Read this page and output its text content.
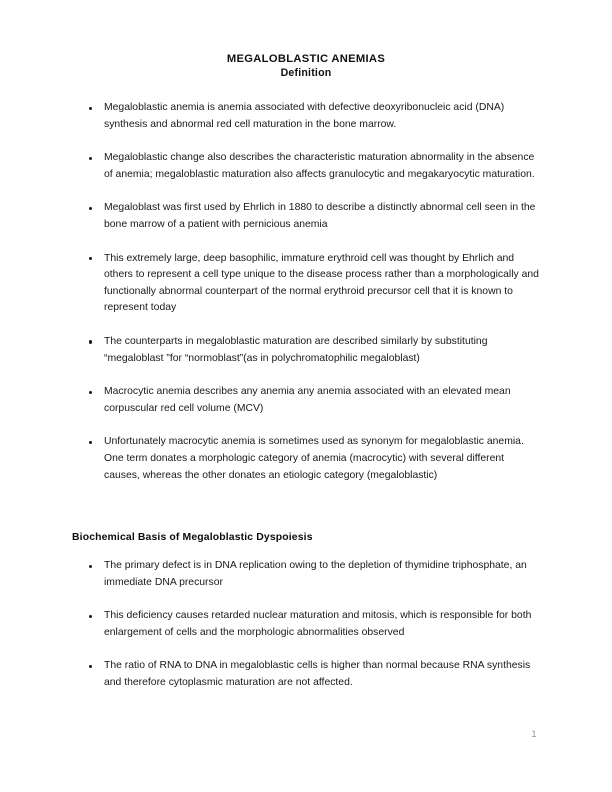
MEGALOBLASTIC ANEMIAS
Definition
Megaloblastic anemia is anemia associated with defective deoxyribonucleic acid (DNA) synthesis and abnormal red cell maturation in the bone marrow.
Megaloblastic change also describes the characteristic maturation abnormality in the absence of anemia; megaloblastic maturation also affects granulocytic and megakaryocytic maturation.
Megaloblast was first used by Ehrlich in 1880 to describe a distinctly abnormal cell seen in the bone marrow of a patient with pernicious anemia
This extremely large, deep basophilic, immature erythroid cell was thought by Ehrlich and others to represent a cell type unique to the disease process rather than a morphologically and functionally abnormal counterpart of the normal erythroid precursor cell that it is known to represent today
The counterparts in megaloblastic maturation are described similarly by substituting “megaloblast ”for “normoblast”(as in polychromatophilic megaloblast)
Macrocytic anemia describes any anemia any anemia associated with an elevated mean corpuscular red cell volume (MCV)
Unfortunately macrocytic anemia is sometimes used as synonym for megaloblastic anemia. One term donates a morphologic category of anemia (macrocytic) with several different causes, whereas the other donates an etiologic category (megaloblastic)
Biochemical Basis of Megaloblastic Dyspoiesis
The primary defect is in DNA replication owing to the depletion of thymidine triphosphate, an immediate DNA precursor
This deficiency causes retarded nuclear maturation and mitosis, which is responsible for both enlargement of cells and the morphologic abnormalities observed
The ratio of RNA to DNA in megaloblastic cells is higher than normal because RNA synthesis and therefore cytoplasmic maturation are not affected.
1
